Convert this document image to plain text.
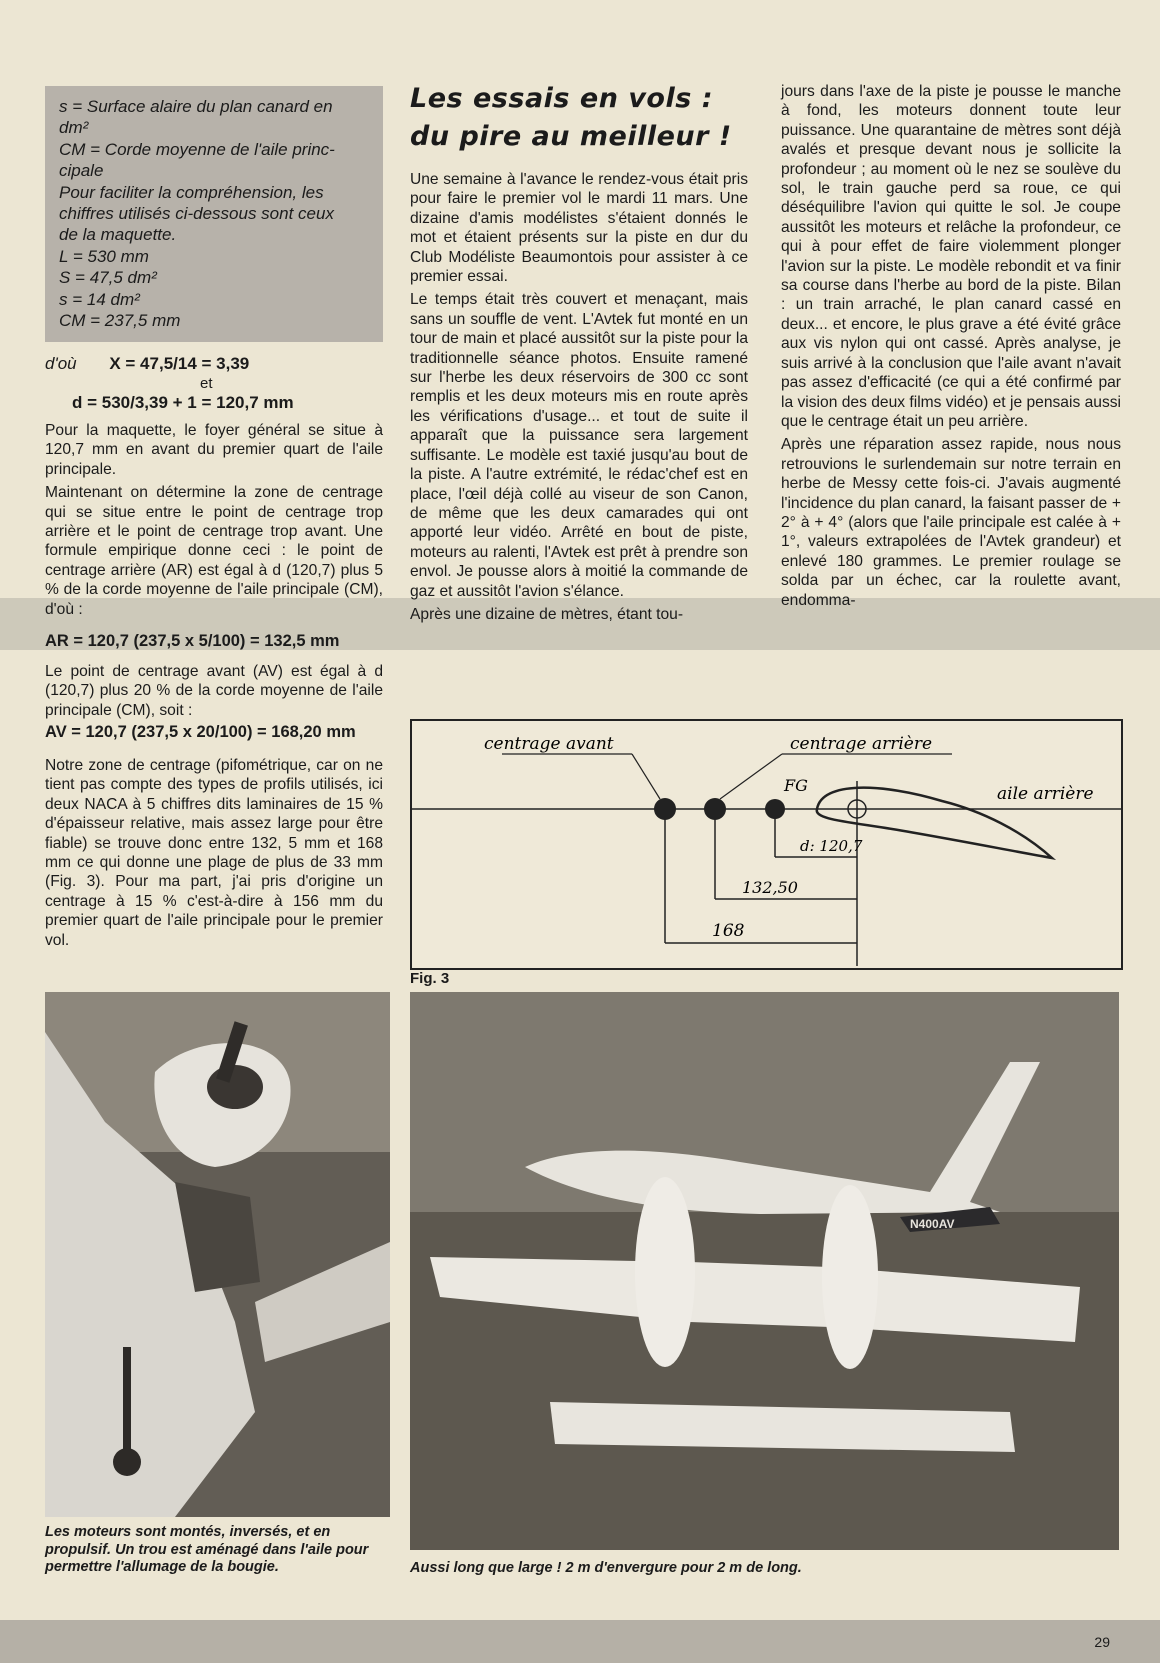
s = Surface alaire du plan canard en
dm²
CM = Corde moyenne de l'aile princ-
cipale
Pour faciliter la compréhension, les
chiffres utilisés ci-dessous sont ceux
de la maquette.
L = 530 mm
S = 47,5 dm²
s = 14 dm²
CM = 237,5 mm
d'où X = 47,5/14 = 3,39
et
d = 530/3,39 + 1 = 120,7 mm

Pour la maquette, le foyer général se situe à 120,7 mm en avant du premier quart de l'aile principale.

Maintenant on détermine la zone de centrage qui se situe entre le point de centrage trop arrière et le point de centrage trop avant. Une formule empirique donne ceci : le point de centrage arrière (AR) est égal à d (120,7) plus 5 % de la corde moyenne de l'aile principale (CM), d'où :

AR = 120,7 (237,5 x 5/100) = 132,5 mm

Le point de centrage avant (AV) est égal à d (120,7) plus 20 % de la corde moyenne de l'aile principale (CM), soit :

AV = 120,7 (237,5 x 20/100) = 168,20 mm

Notre zone de centrage (pifométrique, car on ne tient pas compte des types de profils utilisés, ici deux NACA à 5 chiffres dits laminaires de 15 % d'épaisseur relative, mais assez large pour être fiable) se trouve donc entre 132, 5 mm et 168 mm ce qui donne une plage de plus de 33 mm (Fig. 3). Pour ma part, j'ai pris d'origine un centrage à 15 % c'est-à-dire à 156 mm du premier quart de l'aile principale pour le premier vol.

Les essais en vols :
du pire au meilleur !

Une semaine à l'avance le rendez-vous était pris pour faire le premier vol le mardi 11 mars. Une dizaine d'amis modélistes s'étaient donnés le mot et étaient présents sur la piste en dur du Club Modéliste Beaumontois pour assister à ce premier essai.

Le temps était très couvert et menaçant, mais sans un souffle de vent. L'Avtek fut monté en un tour de main et placé aussitôt sur la piste pour la traditionnelle séance photos. Ensuite ramené sur l'herbe les deux réservoirs de 300 cc sont remplis et les deux moteurs mis en route après les vérifications d'usage... et tout de suite il apparaît que la puissance sera largement suffisante. Le modèle est taxié jusqu'au bout de la piste. A l'autre extrémité, le rédac'chef est en place, l'œil déjà collé au viseur de son Canon, de même que les deux camarades qui ont apporté leur vidéo. Arrêté en bout de piste, moteurs au ralenti, l'Avtek est prêt à prendre son envol. Je pousse alors à moitié la commande de gaz et aussitôt l'avion s'élance.

Après une dizaine de mètres, étant tou-

jours dans l'axe de la piste je pousse le manche à fond, les moteurs donnent toute leur puissance. Une quarantaine de mètres sont déjà avalés et presque devant nous je sollicite la profondeur ; au moment où le nez se soulève du sol, le train gauche perd sa roue, ce qui déséquilibre l'avion qui quitte le sol. Je coupe aussitôt les moteurs et relâche la profondeur, ce qui à pour effet de faire violemment plonger l'avion sur la piste. Le modèle rebondit et va finir sa course dans l'herbe au bord de la piste. Bilan : un train arraché, le plan canard cassé en deux... et encore, le plus grave a été évité grâce aux vis nylon qui ont cassé. Après analyse, je suis arrivé à la conclusion que l'aile avant n'avait pas assez d'efficacité (ce qui a été confirmé par la vision des deux films vidéo) et je pensais aussi que le centrage était un peu arrière.

Après une réparation assez rapide, nous nous retrouvions le surlendemain sur notre terrain en herbe de Messy cette fois-ci. J'avais augmenté l'incidence du plan canard, la faisant passer de + 2° à + 4° (alors que l'aile principale est calée à + 1°, valeurs extrapolées de l'Avtek grandeur) et enlevé 180 grammes. Le premier roulage se solda par un échec, car la roulette avant, endomma-

centrage avant	centrage arrière
FG	aile arrière
d: 120,7
132,50
168
Fig. 3
Les moteurs sont montés, inversés, et en propulsif. Un trou est aménagé dans l'aile pour permettre l'allumage de la bougie.
N400AV
Aussi long que large ! 2 m d'envergure pour 2 m de long.
29
